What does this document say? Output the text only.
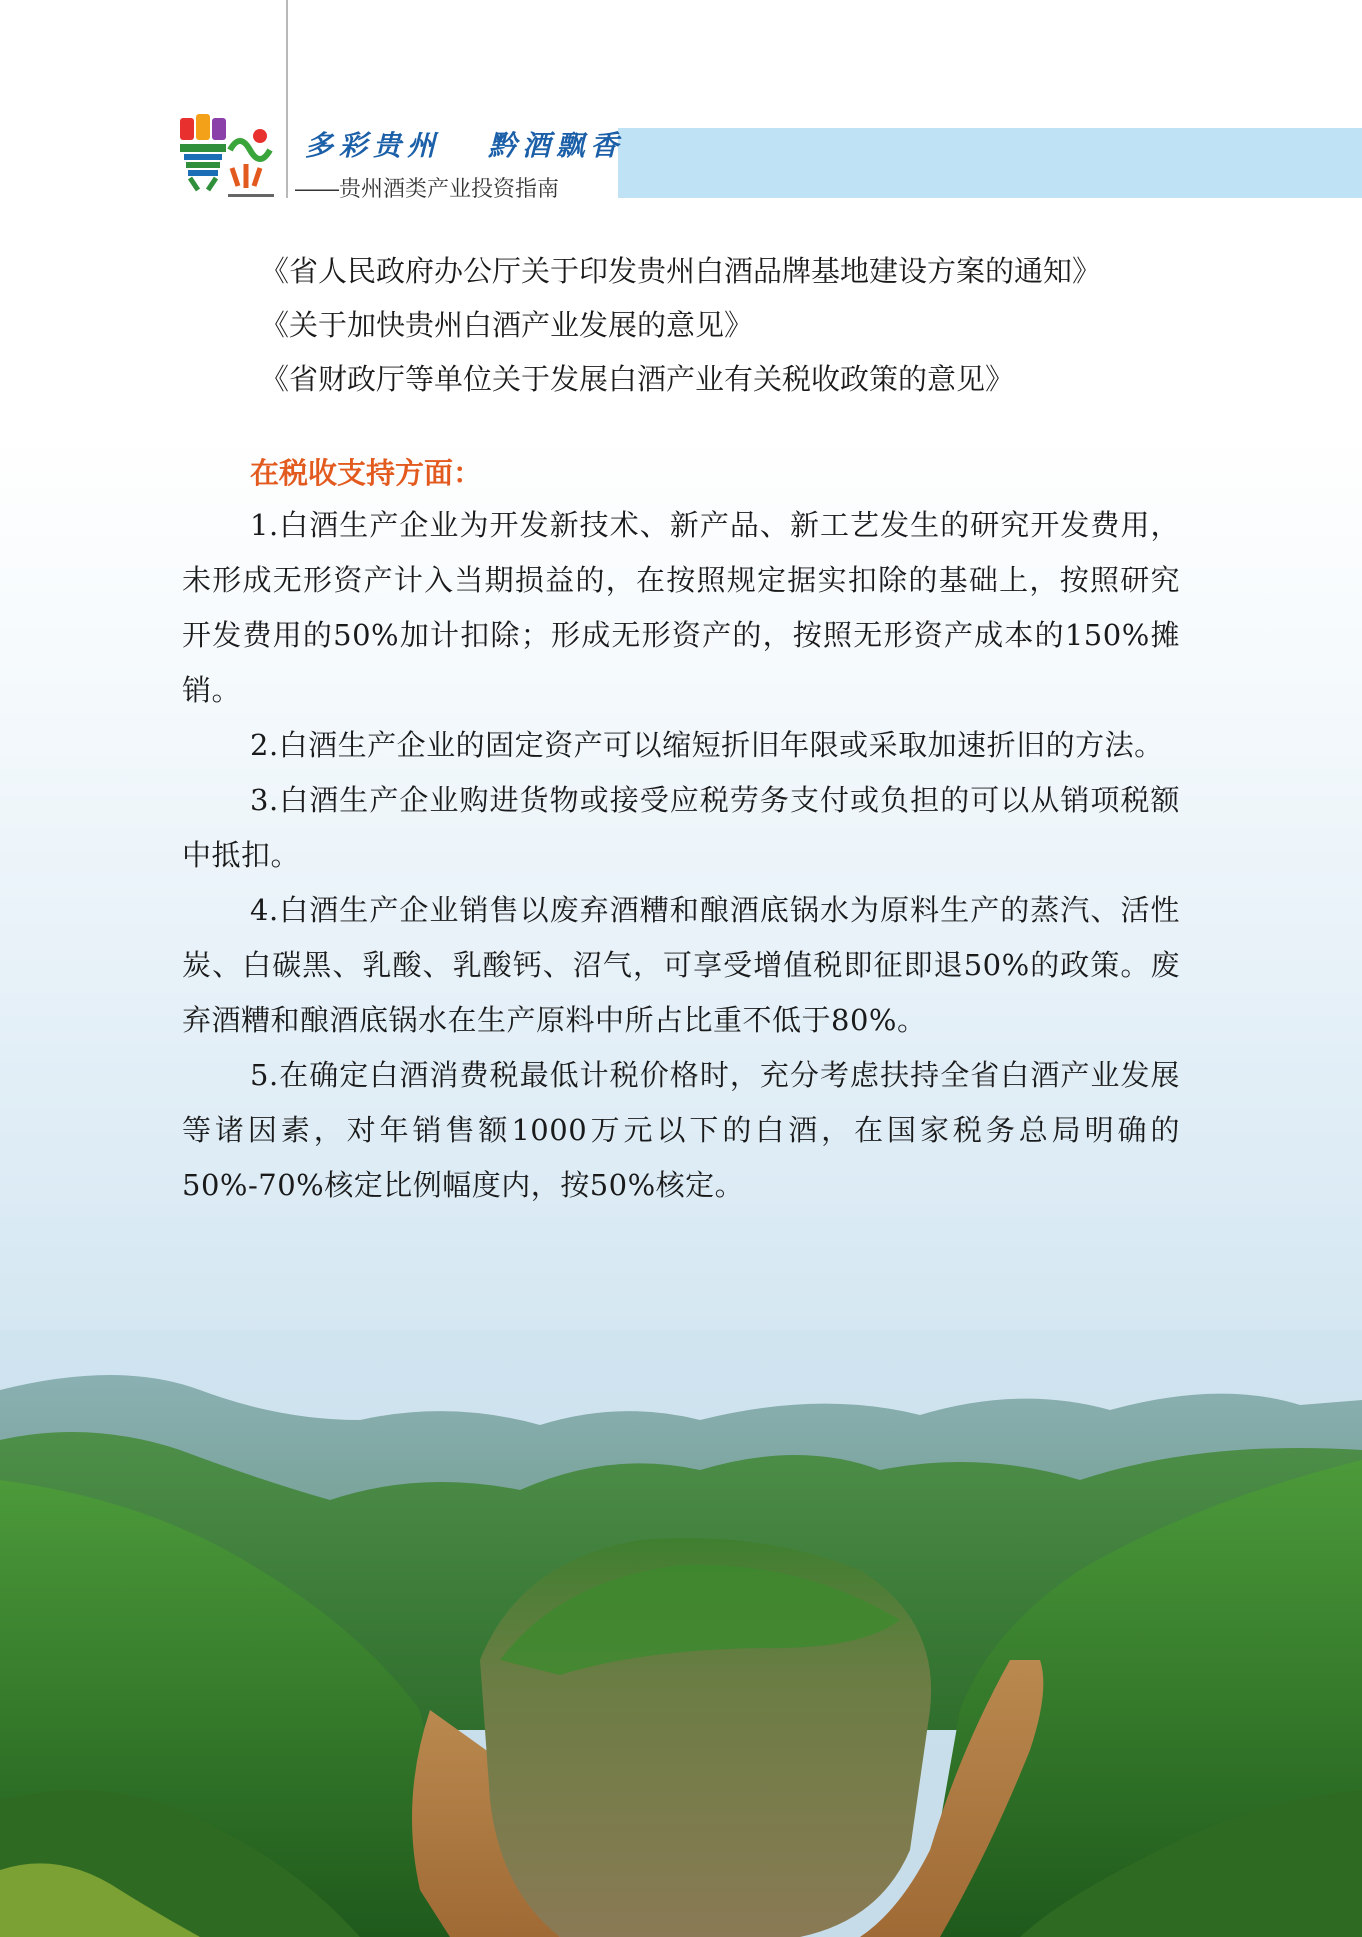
多彩贵州   黔酒飘香
——贵州酒类产业投资指南

《省人民政府办公厅关于印发贵州白酒品牌基地建设方案的通知》

《关于加快贵州白酒产业发展的意见》

《省财政厅等单位关于发展白酒产业有关税收政策的意见》

在税收支持方面：

1.白酒生产企业为开发新技术、新产品、新工艺发生的研究开发费用，未形成无形资产计入当期损益的，在按照规定据实扣除的基础上，按照研究开发费用的50%加计扣除；形成无形资产的，按照无形资产成本的150%摊销。

2.白酒生产企业的固定资产可以缩短折旧年限或采取加速折旧的方法。

3.白酒生产企业购进货物或接受应税劳务支付或负担的可以从销项税额中抵扣。

4.白酒生产企业销售以废弃酒糟和酿酒底锅水为原料生产的蒸汽、活性炭、白碳黑、乳酸、乳酸钙、沼气，可享受增值税即征即退50%的政策。废弃酒糟和酿酒底锅水在生产原料中所占比重不低于80%。

5.在确定白酒消费税最低计税价格时，充分考虑扶持全省白酒产业发展等诸因素，对年销售额1000万元以下的白酒，在国家税务总局明确的50%-70%核定比例幅度内，按50%核定。
